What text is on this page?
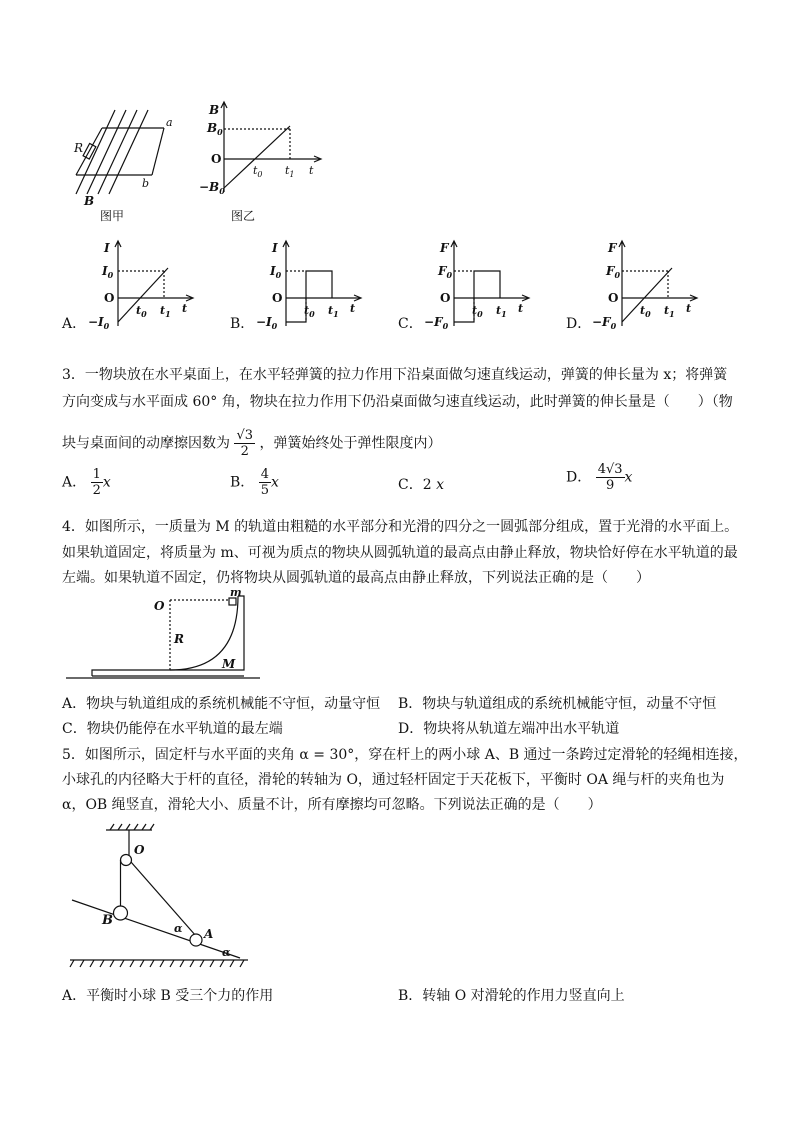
R
a
b
B
图甲
B
$B_0$
O
$-B_0$
$t_0$ $t_1$ t
图乙
A．
I
$I_0$
O
$-I_0$
$t_0$ $t_1$ t
B．
I
$I_0$
O
$-I_0$
$t_0$ $t_1$ t
C．
F
$F_0$
O
$-F_0$
$t_0$ $t_1$ t
D．
F
$F_0$
O
$-F_0$
$t_0$ $t_1$ t
3．一物块放在水平桌面上，在水平轻弹簧的拉力作用下沿桌面做匀速直线运动，弹簧的伸长量为 x；将弹簧
方向变成与水平面成 60° 角，物块在拉力作用下仍沿桌面做匀速直线运动，此时弹簧的伸长量是（　　）（物
块与桌面间的动摩擦因数为 $\frac{√3}{2}$ ，弹簧始终处于弹性限度内）
A． $\frac{1}{2}$ x	B． $\frac{4}{5}$ x	C．2 x	D． $\frac{4√3}{9}$ x
4．如图所示，一质量为 M 的轨道由粗糙的水平部分和光滑的四分之一圆弧部分组成，置于光滑的水平面上。
如果轨道固定，将质量为 m、可视为质点的物块从圆弧轨道的最高点由静止释放，物块恰好停在水平轨道的最
左端。如果轨道不固定，仍将物块从圆弧轨道的最高点由静止释放，下列说法正确的是（　　）
O
R
m
M
A．物块与轨道组成的系统机械能不守恒，动量守恒 B．物块与轨道组成的系统机械能守恒，动量不守恒
C．物块仍能停在水平轨道的最左端	D．物块将从轨道左端冲出水平轨道
5．如图所示，固定杆与水平面的夹角 α = 30°，穿在杆上的两小球 A、B 通过一条跨过定滑轮的轻绳相连接，
小球孔的内径略大于杆的直径，滑轮的转轴为 O，通过轻杆固定于天花板下，平衡时 OA 绳与杆的夹角也为
α，OB 绳竖直，滑轮大小、质量不计，所有摩擦均可忽略。下列说法正确的是（　　）
O
B
A
α
α
A．平衡时小球 B 受三个力的作用	B．转轴 O 对滑轮的作用力竖直向上
